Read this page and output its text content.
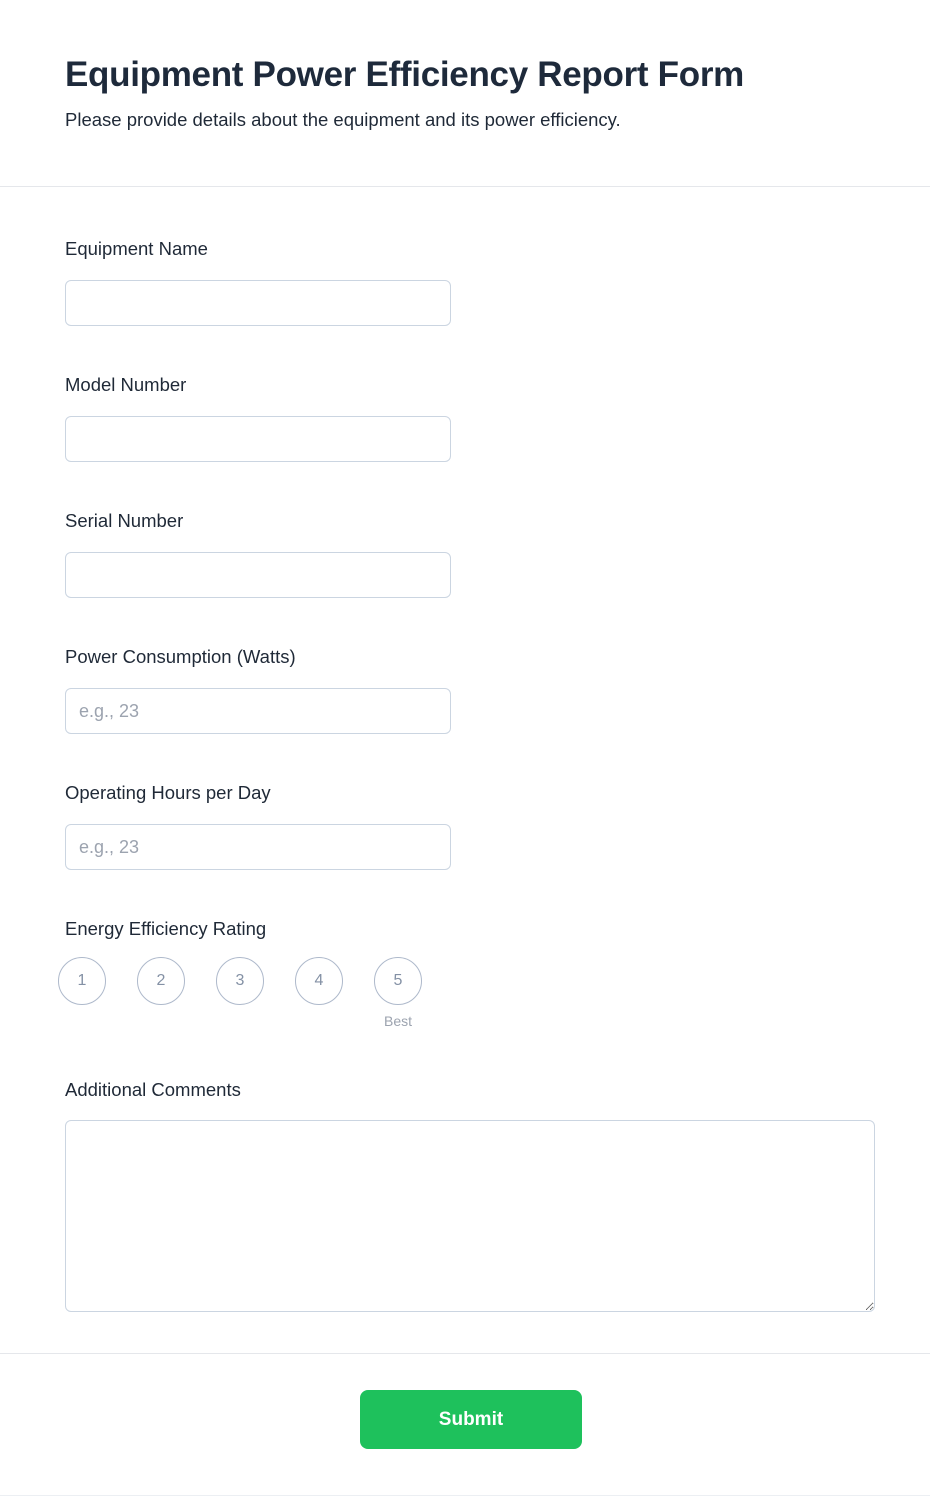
Equipment Power Efficiency Report Form

Please provide details about the equipment and its power efficiency.

Equipment Name
Model Number
Serial Number
Power Consumption (Watts)
e.g., 23
Operating Hours per Day
e.g., 23
Energy Efficiency Rating
1	2	3	4	5
Best
Additional Comments
Submit
